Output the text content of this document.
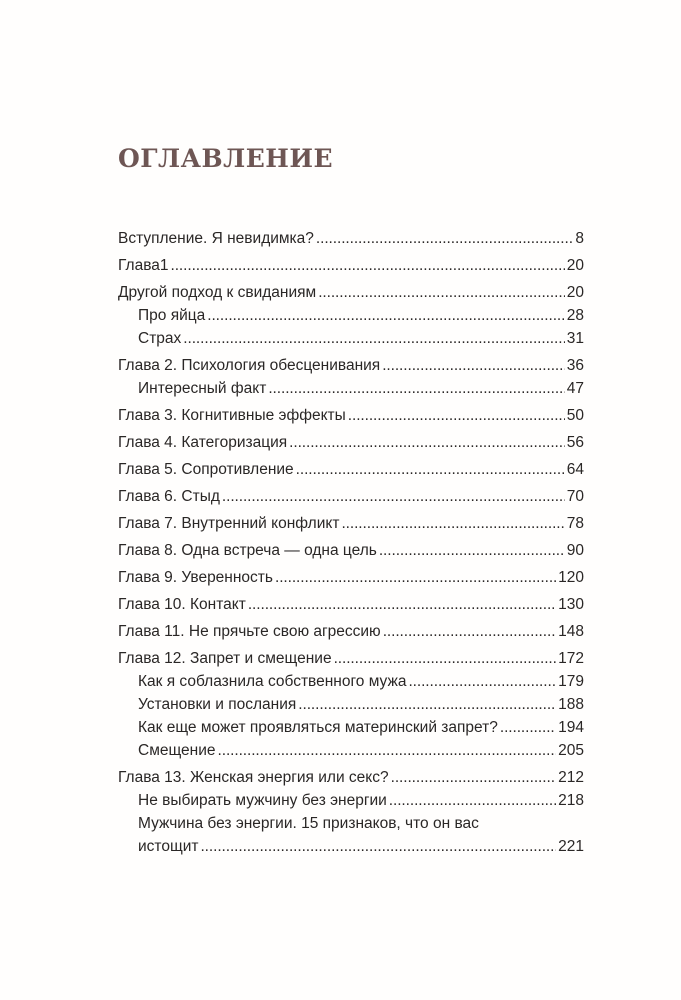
ОГЛАВЛЕНИЕ
Вступление. Я невидимка? . . .	8
Глава1 . . .	20
Другой подход к свиданиям . . .	20
Про яйца . . .	28
Страх . . .	31
Глава 2. Психология обесценивания . . .	36
Интересный факт . . .	47
Глава 3. Когнитивные эффекты . . .	50
Глава 4. Категоризация . . .	56
Глава 5. Сопротивление . . .	64
Глава 6. Стыд . . .	70
Глава 7. Внутренний конфликт . . .	78
Глава 8. Одна встреча — одна цель . . .	90
Глава 9. Уверенность . . .	120
Глава 10. Контакт . . .	130
Глава 11. Не прячьте свою агрессию . . .	148
Глава 12. Запрет и смещение . . .	172
Как я соблазнила собственного мужа . . .	179
Установки и послания . . .	188
Как еще может проявляться материнский запрет? . . .	194
Смещение . . .	205
Глава 13. Женская энергия или секс? . . .	212
Не выбирать мужчину без энергии . . .	218
Мужчина без энергии. 15 признаков, что он вас
истощит . . .	221
